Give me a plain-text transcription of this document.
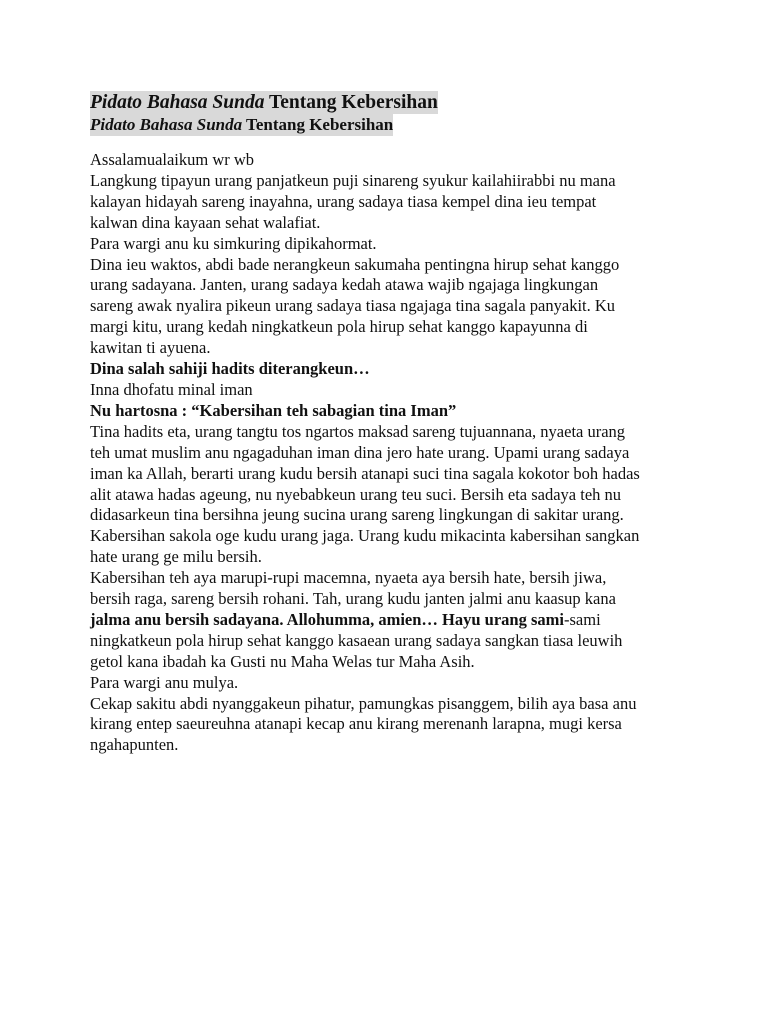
Pidato Bahasa Sunda Tentang Kebersihan
Pidato Bahasa Sunda Tentang Kebersihan
Assalamualaikum wr wb
Langkung tipayun urang panjatkeun puji sinareng syukur kailahiirabbi nu mana
kalayan hidayah sareng inayahna, urang sadaya tiasa kempel dina ieu tempat
kalwan dina kayaan sehat walafiat.
Para wargi anu ku simkuring dipikahormat.
Dina ieu waktos, abdi bade nerangkeun sakumaha pentingna hirup sehat kanggo
urang sadayana. Janten, urang sadaya kedah atawa wajib ngajaga lingkungan
sareng awak nyalira pikeun urang sadaya tiasa ngajaga tina sagala panyakit. Ku
margi kitu, urang kedah ningkatkeun pola hirup sehat kanggo kapayunna di
kawitan ti ayuena.
Dina salah sahiji hadits diterangkeun…
Inna dhofatu minal iman
Nu hartosna : “Kabersihan teh sabagian tina Iman”
Tina hadits eta, urang tangtu tos ngartos maksad sareng tujuannana, nyaeta urang
teh umat muslim anu ngagaduhan iman dina jero hate urang. Upami urang sadaya
iman ka Allah, berarti urang kudu bersih atanapi suci tina sagala kokotor boh hadas
alit atawa hadas ageung, nu nyebabkeun urang teu suci. Bersih eta sadaya teh nu
didasarkeun tina bersihna jeung sucina urang sareng lingkungan di sakitar urang.
Kabersihan sakola oge kudu urang jaga. Urang kudu mikacinta kabersihan sangkan
hate urang ge milu bersih.
Kabersihan teh aya marupi-rupi macemna, nyaeta aya bersih hate, bersih jiwa,
bersih raga, sareng bersih rohani. Tah, urang kudu janten jalmi anu kaasup kana
jalma anu bersih sadayana. Allohumma, amien… Hayu urang sami-sami
ningkatkeun pola hirup sehat kanggo kasaean urang sadaya sangkan tiasa leuwih
getol kana ibadah ka Gusti nu Maha Welas tur Maha Asih.
Para wargi anu mulya.
Cekap sakitu abdi nyanggakeun pihatur, pamungkas pisanggem, bilih aya basa anu
kirang entep saeureuhna atanapi kecap anu kirang merenanh larapna, mugi kersa
ngahapunten.
